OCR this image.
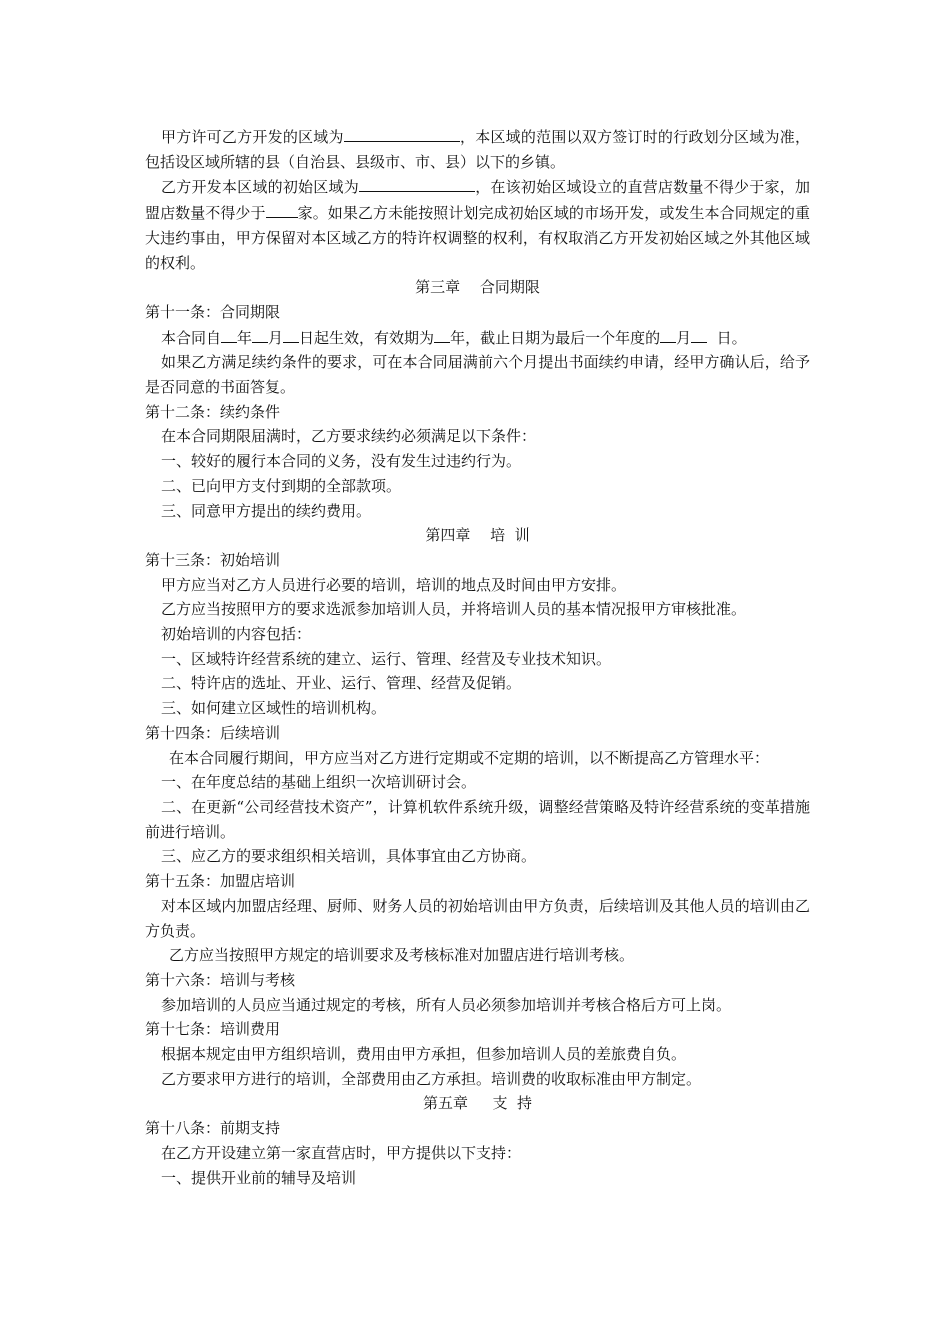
甲方许可乙方开发的区域为	，本区域的范围以双方签订时的行政划分区域为准，包括设区域所辖的县（自治县、县级市、市、县）以下的乡镇。

乙方开发本区域的初始区域为	，在该初始区域设立的直营店数量不得少于家，加盟店数量不得少于 家。如果乙方未能按照计划完成初始区域的市场开发，或发生本合同规定的重大违约事由，甲方保留对本区域乙方的特许权调整的权利，有权取消乙方开发初始区域之外其他区域的权利。

第三章　 合同期限

第十一条：合同期限

本合同自 年 月 日起生效，有效期为 年，截止日期为最后一个年度的 月  日。

如果乙方满足续约条件的要求，可在本合同届满前六个月提出书面续约申请，经甲方确认后，给予是否同意的书面答复。

第十二条：续约条件

在本合同期限届满时，乙方要求续约必须满足以下条件：

一、较好的履行本合同的义务，没有发生过违约行为。

二、已向甲方支付到期的全部款项。

三、同意甲方提出的续约费用。

第四章　 培  训

第十三条：初始培训

甲方应当对乙方人员进行必要的培训，培训的地点及时间由甲方安排。

乙方应当按照甲方的要求选派参加培训人员，并将培训人员的基本情况报甲方审核批准。

初始培训的内容包括：

一、区域特许经营系统的建立、运行、管理、经营及专业技术知识。

二、特许店的选址、开业、运行、管理、经营及促销。

三、如何建立区域性的培训机构。

第十四条：后续培训

在本合同履行期间，甲方应当对乙方进行定期或不定期的培训，以不断提高乙方管理水平：

一、在年度总结的基础上组织一次培训研讨会。

二、在更新“公司经营技术资产”，计算机软件系统升级，调整经营策略及特许经营系统的变革措施前进行培训。

三、应乙方的要求组织相关培训，具体事宜由乙方协商。

第十五条：加盟店培训

对本区域内加盟店经理、厨师、财务人员的初始培训由甲方负责，后续培训及其他人员的培训由乙方负责。

乙方应当按照甲方规定的培训要求及考核标准对加盟店进行培训考核。

第十六条：培训与考核

参加培训的人员应当通过规定的考核，所有人员必须参加培训并考核合格后方可上岗。

第十七条：培训费用

根据本规定由甲方组织培训，费用由甲方承担，但参加培训人员的差旅费自负。

乙方要求甲方进行的培训，全部费用由乙方承担。培训费的收取标准由甲方制定。

第五章　  支  持

第十八条：前期支持

在乙方开设建立第一家直营店时，甲方提供以下支持：

一、提供开业前的辅导及培训
